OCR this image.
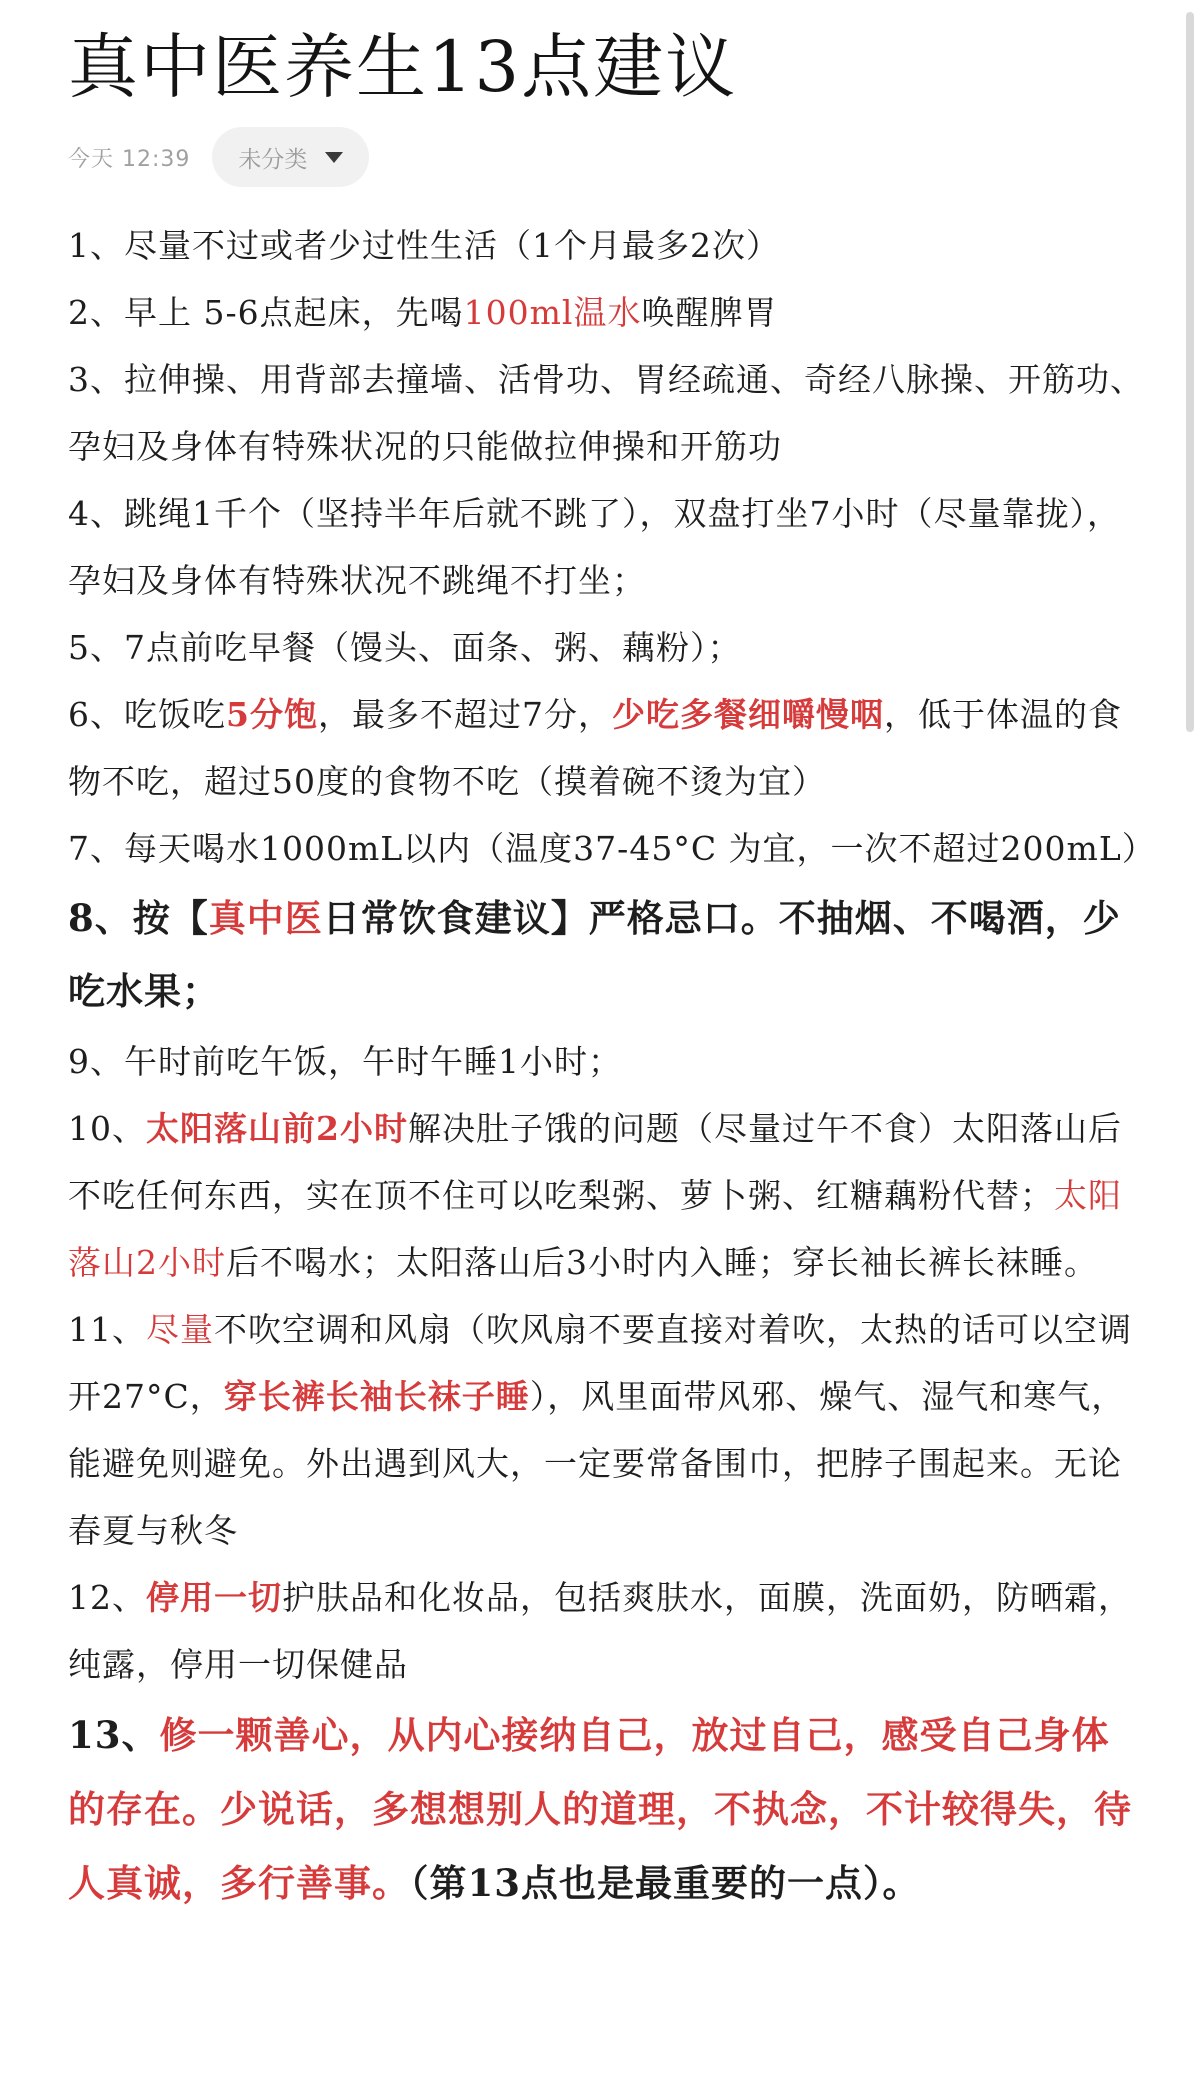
真中医养生13点建议
今天 12:39 未分类

1、尽量不过或者少过性生活（1个月最多2次）

2、早上 5-6点起床，先喝100ml温水唤醒脾胃

3、拉伸操、用背部去撞墙、活骨功、胃经疏通、奇经八脉操、开筋功、孕妇及身体有特殊状况的只能做拉伸操和开筋功

4、跳绳1千个（坚持半年后就不跳了），双盘打坐7小时（尽量靠拢），孕妇及身体有特殊状况不跳绳不打坐；

5、7点前吃早餐（馒头、面条、粥、藕粉）；

6、吃饭吃5分饱，最多不超过7分，少吃多餐细嚼慢咽，低于体温的食物不吃，超过50度的食物不吃（摸着碗不烫为宜）

7、每天喝水1000mL以内（温度37-45°C 为宜，一次不超过200mL）

8、按【真中医日常饮食建议】严格忌口。不抽烟、不喝酒，少吃水果；

9、午时前吃午饭，午时午睡1小时；

10、太阳落山前2小时解决肚子饿的问题（尽量过午不食）太阳落山后不吃任何东西，实在顶不住可以吃梨粥、萝卜粥、红糖藕粉代替；太阳落山2小时后不喝水；太阳落山后3小时内入睡；穿长袖长裤长袜睡。

11、尽量不吹空调和风扇（吹风扇不要直接对着吹，太热的话可以空调开27°C，穿长裤长袖长袜子睡），风里面带风邪、燥气、湿气和寒气，能避免则避免。外出遇到风大，一定要常备围巾，把脖子围起来。无论春夏与秋冬

12、停用一切护肤品和化妆品，包括爽肤水，面膜，洗面奶，防晒霜，纯露，停用一切保健品

13、修一颗善心，从内心接纳自己，放过自己，感受自己身体的存在。少说话，多想想别人的道理，不执念，不计较得失，待人真诚，多行善事。（第13点也是最重要的一点）。
